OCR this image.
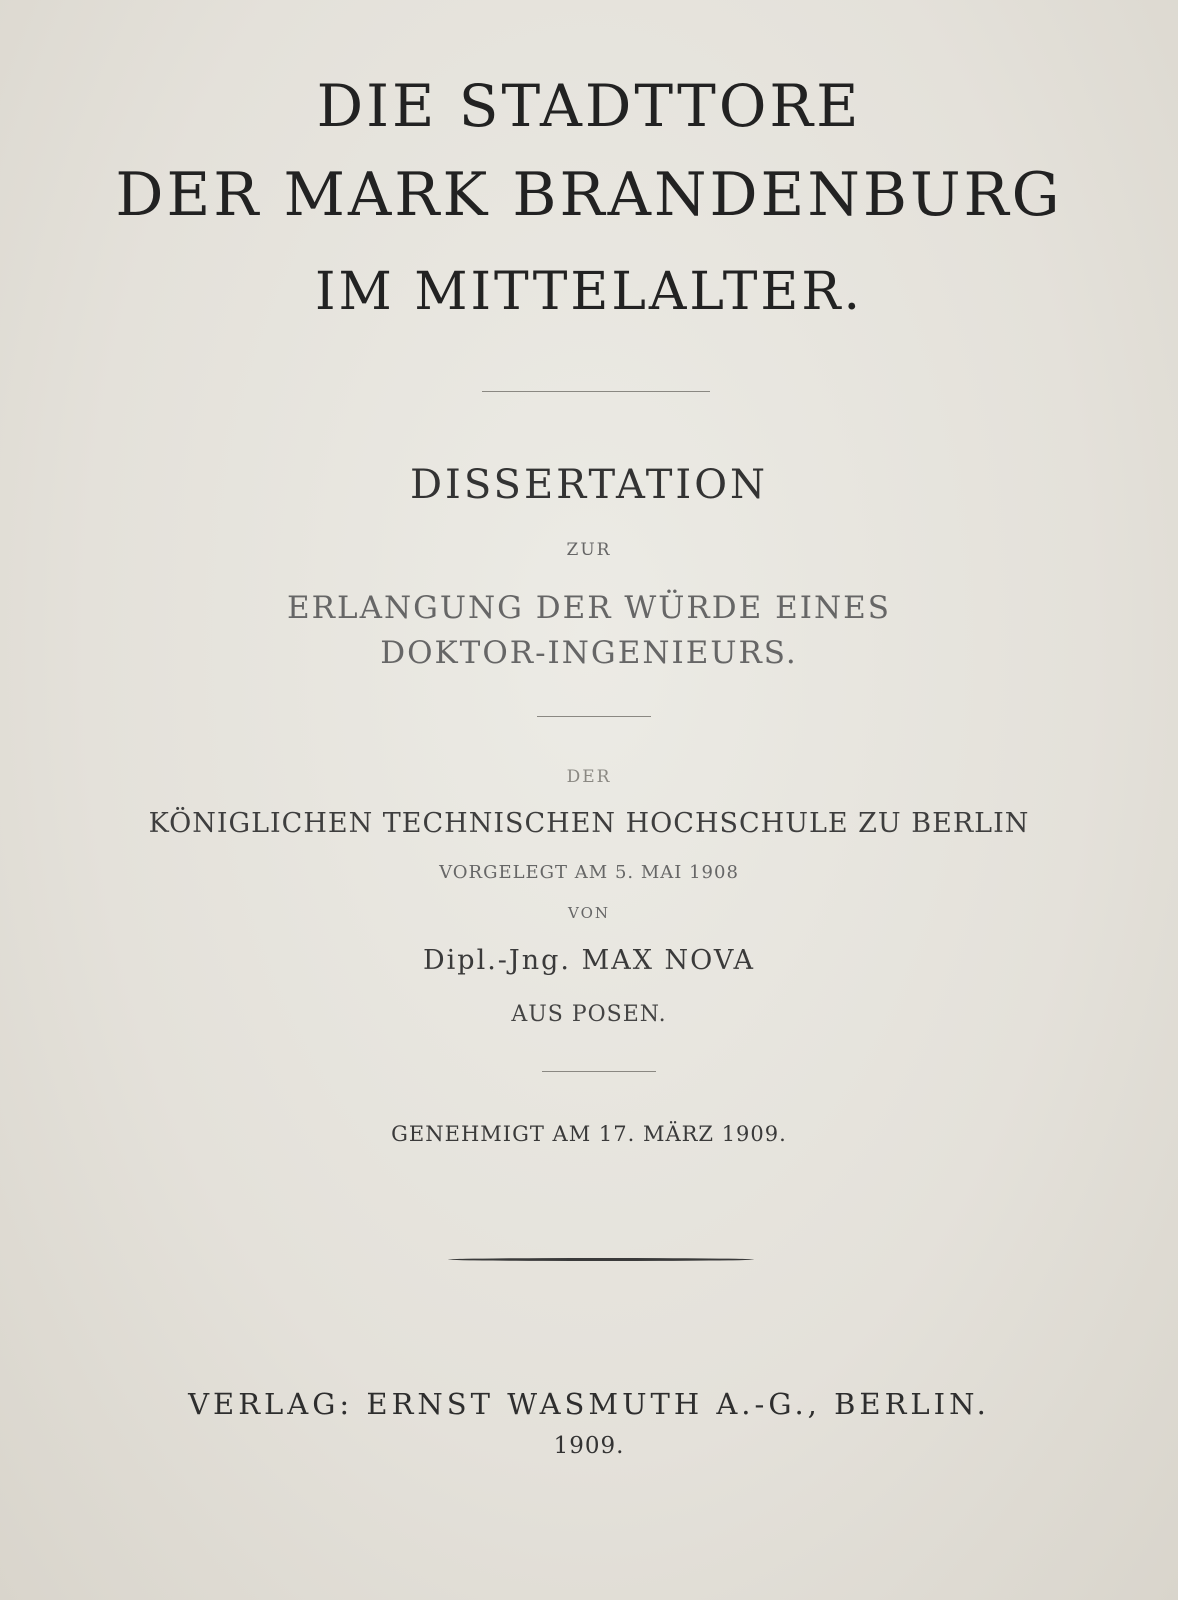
DIE STADTTORE
DER MARK BRANDENBURG
IM MITTELALTER.
DISSERTATION
ZUR
ERLANGUNG DER WÜRDE EINES
DOKTOR-INGENIEURS.
DER
KÖNIGLICHEN TECHNISCHEN HOCHSCHULE ZU BERLIN
VORGELEGT AM 5. MAI 1908
VON
Dipl.-Jng. MAX NOVA
AUS POSEN.
GENEHMIGT AM 17. MÄRZ 1909.
VERLAG: ERNST WASMUTH A.-G., BERLIN.
1909.
